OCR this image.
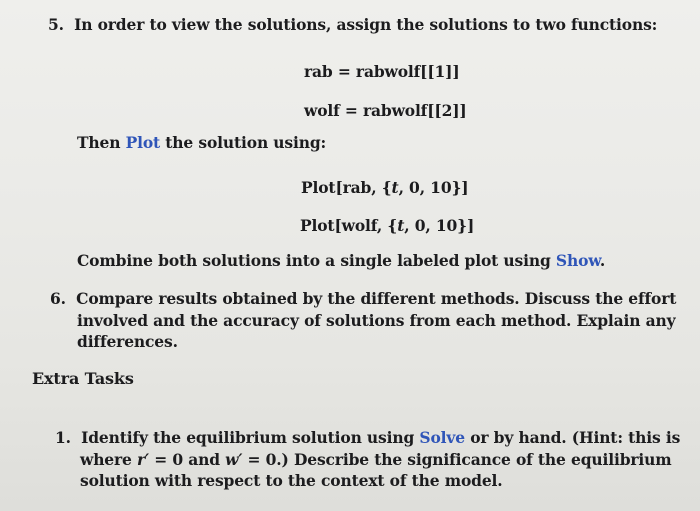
5. In order to view the solutions, assign the solutions to two functions:
rab = rabwolf[[1]]
wolf = rabwolf[[2]]
Then Plot the solution using:
Plot[rab, {t, 0, 10}]
Plot[wolf, {t, 0, 10}]
Combine both solutions into a single labeled plot using Show.
6. Compare results obtained by the different methods. Discuss the effort
involved and the accuracy of solutions from each method. Explain any
differences.
Extra Tasks
1. Identify the equilibrium solution using Solve or by hand. (Hint: this is
where r′ = 0 and w′ = 0.) Describe the significance of the equilibrium
solution with respect to the context of the model.
